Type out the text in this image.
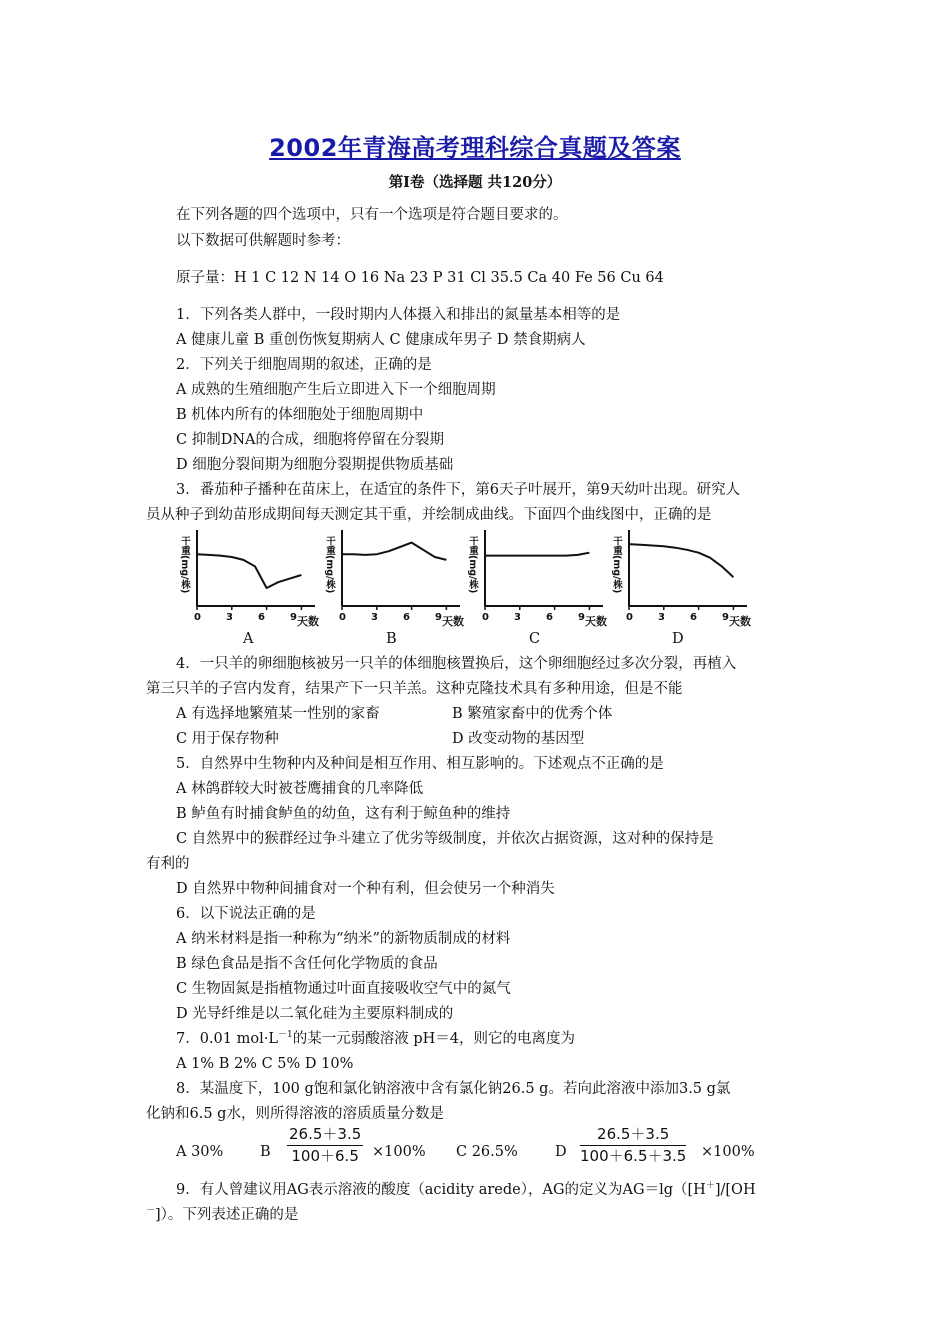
2002年青海高考理科综合真题及答案
第Ⅰ卷（选择题 共120分）
在下列各题的四个选项中，只有一个选项是符合题目要求的。
以下数据可供解题时参考：
原子量：H 1 C 12 N 14 O 16 Na 23 P 31 Cl 35.5 Ca 40 Fe 56 Cu 64
1．下列各类人群中，一段时期内人体摄入和排出的氮量基本相等的是
A 健康儿童 B 重创伤恢复期病人 C 健康成年男子 D 禁食期病人
2．下列关于细胞周期的叙述，正确的是
A 成熟的生殖细胞产生后立即进入下一个细胞周期
B 机体内所有的体细胞处于细胞周期中
C 抑制DNA的合成，细胞将停留在分裂期
D 细胞分裂间期为细胞分裂期提供物质基础
3．番茄种子播种在苗床上，在适宜的条件下，第6天子叶展开，第9天幼叶出现。研究人
员从种子到幼苗形成期间每天测定其干重，并绘制成曲线。下面四个曲线图中，正确的是
干重(mg/株)
0	3	6	9 天数
A
干重(mg/株)
0	3	6	9 天数
B
干重(mg/株)
0	3	6	9 天数
C
干重(mg/株)
0	3	6	9 天数
D
4．一只羊的卵细胞核被另一只羊的体细胞核置换后，这个卵细胞经过多次分裂，再植入
第三只羊的子宫内发育，结果产下一只羊羔。这种克隆技术具有多种用途，但是不能
A 有选择地繁殖某一性别的家畜	B 繁殖家畜中的优秀个体
C 用于保存物种	D 改变动物的基因型
5．自然界中生物种内及种间是相互作用、相互影响的。下述观点不正确的是
A 林鸽群较大时被苍鹰捕食的几率降低
B 鲈鱼有时捕食鲈鱼的幼鱼，这有利于鲸鱼种的维持
C 自然界中的猴群经过争斗建立了优劣等级制度，并依次占据资源，这对种的保持是
有利的
D 自然界中物种间捕食对一个种有利，但会使另一个种消失
6．以下说法正确的是
A 纳米材料是指一种称为“纳米”的新物质制成的材料
B 绿色食品是指不含任何化学物质的食品
C 生物固氮是指植物通过叶面直接吸收空气中的氮气
D 光导纤维是以二氧化硅为主要原料制成的
7．0.01 $mol\cdot L^{-1}$的某一元弱酸溶液 pH＝4，则它的电离度为
A 1% B 2% C 5% D 10%
8．某温度下，100 g饱和氯化钠溶液中含有氯化钠26.5 g。若向此溶液中添加3.5 g氯
化钠和6.5 g水，则所得溶液的溶质质量分数是
A 30%	B $\frac{26.5+3.5}{100+6.5} \times 100\%$ C 26.5%	D $\frac{26.5+3.5}{100+6.5+3.5} \times 100\%$
9．有人曾建议用AG表示溶液的酸度（acidity arede），AG的定义为AG＝lg（[H＋]/[OH
－]）。下列表述正确的是
